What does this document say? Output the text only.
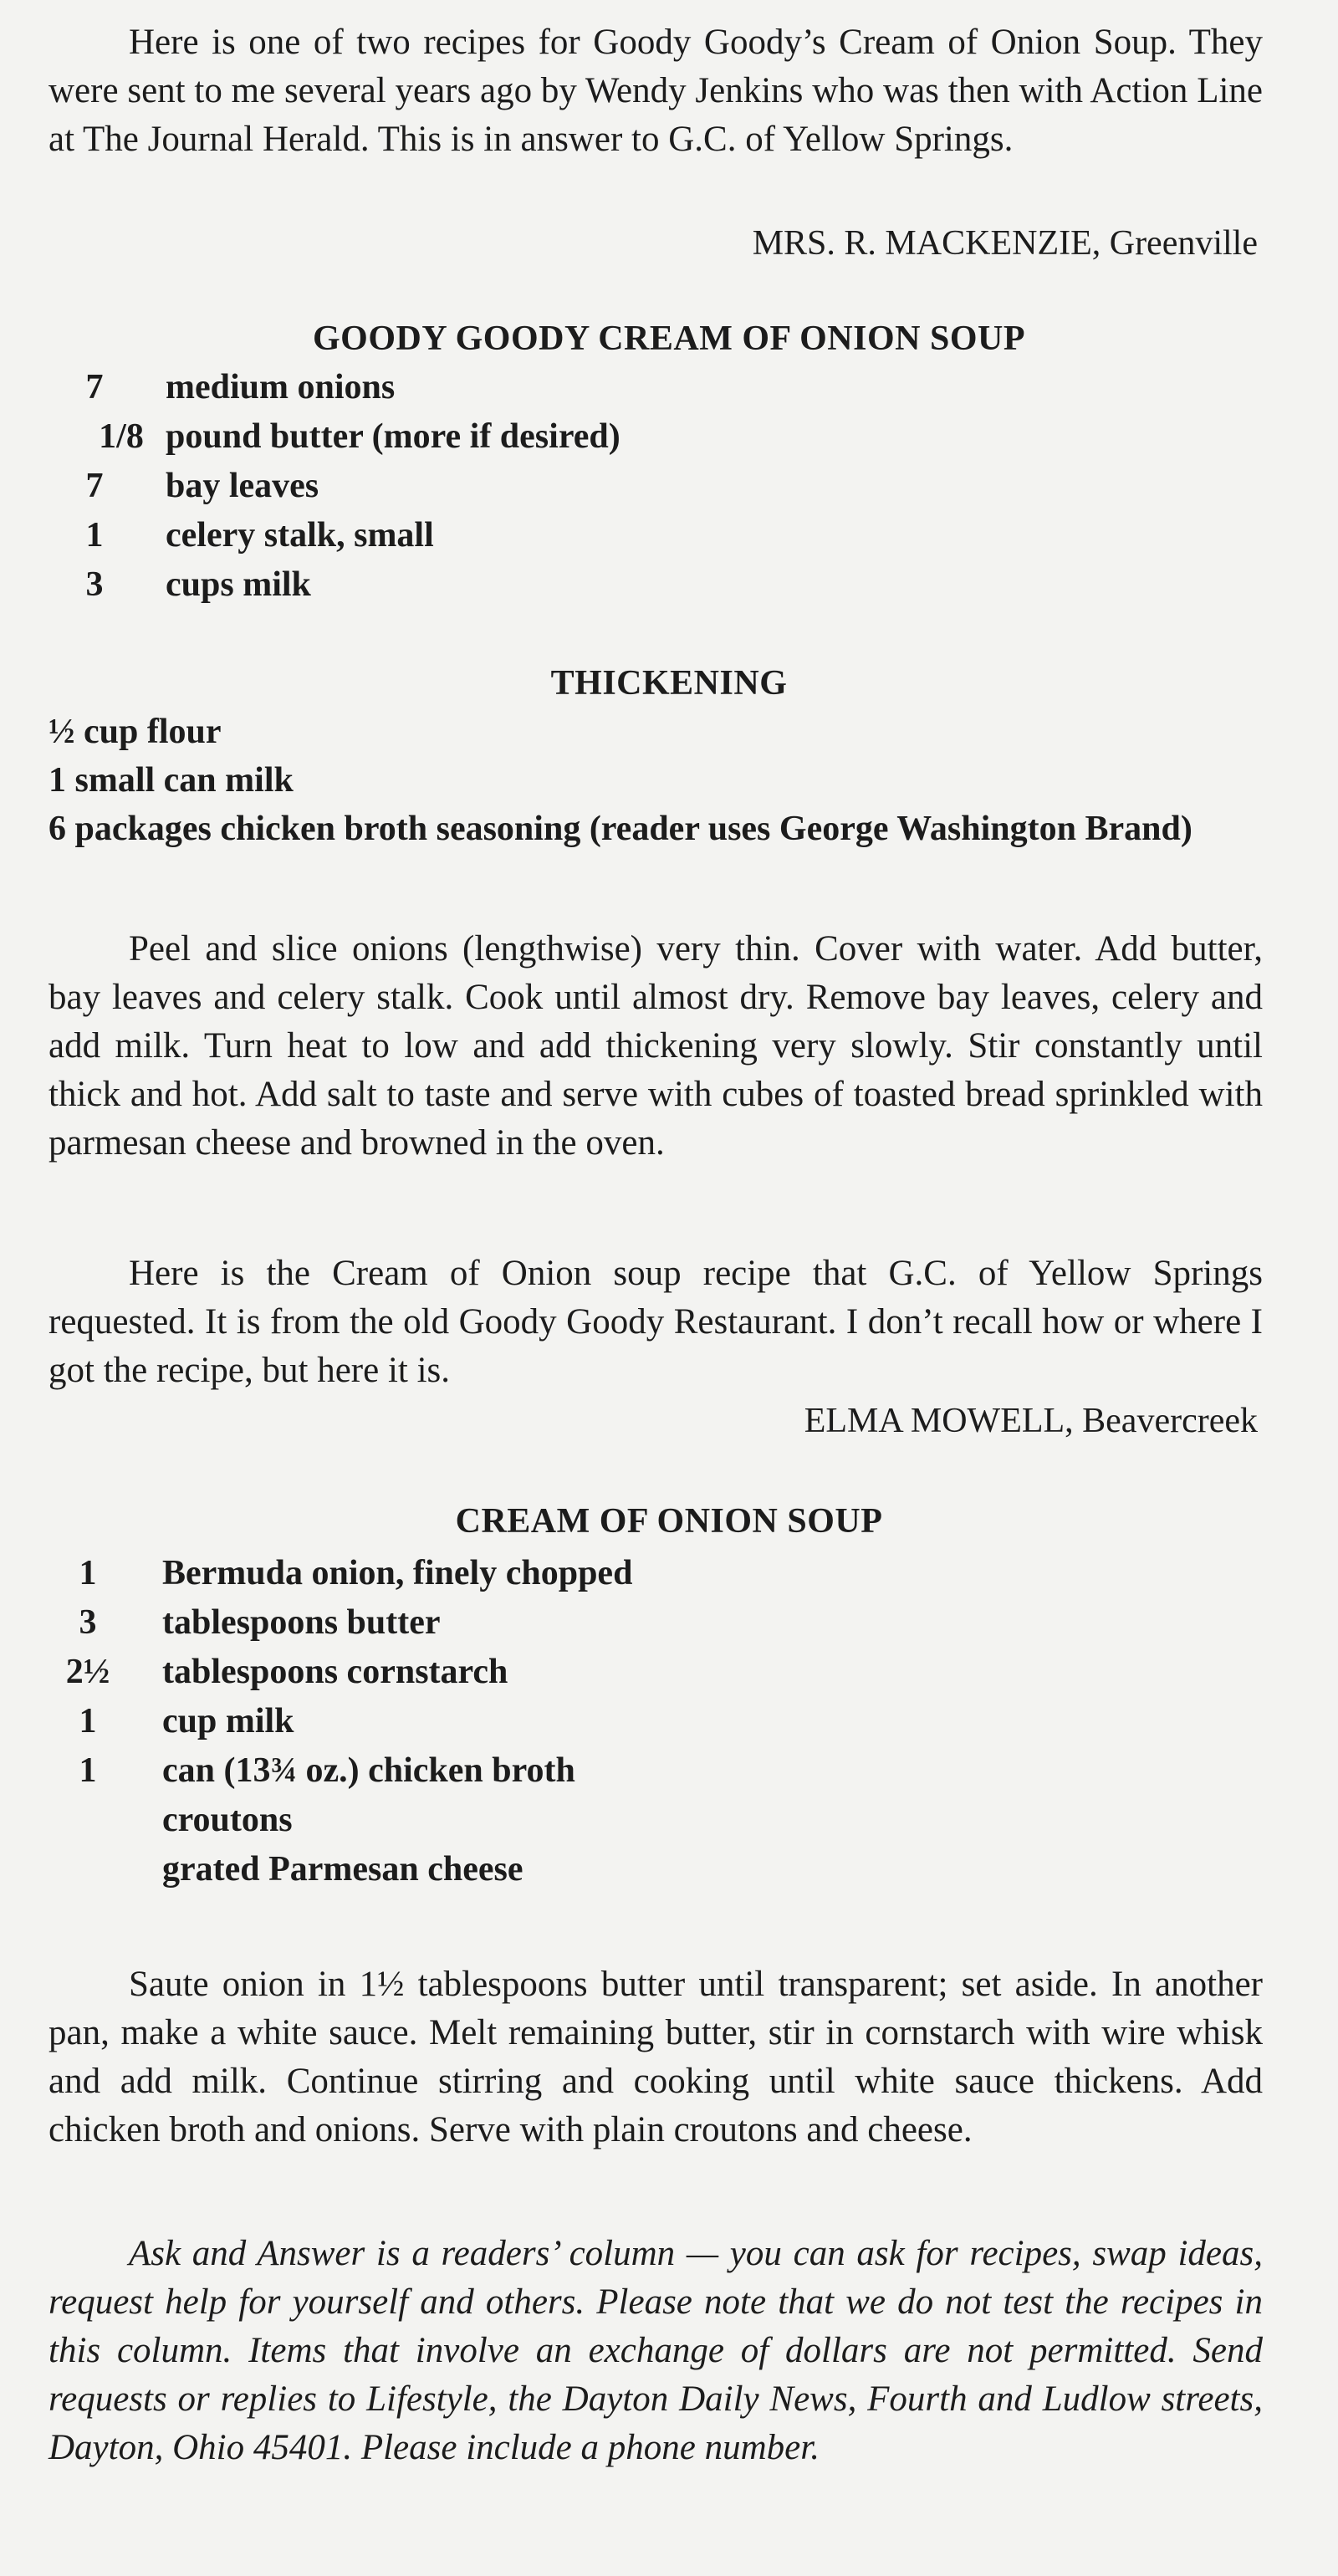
Here is one of two recipes for Goody Goody’s Cream of Onion Soup. They were sent to me several years ago by Wendy Jenkins who was then with Action Line at The Journal Herald. This is in answer to G.C. of Yellow Springs.

MRS. R. MACKENZIE, Greenville
GOODY GOODY CREAM OF ONION SOUP
7	medium onions
1/8 pound butter (more if desired)
7	bay leaves
1	celery stalk, small
3	cups milk
THICKENING

½ cup flour

1 small can milk

6 packages chicken broth seasoning (reader uses George Washington Brand)

Peel and slice onions (lengthwise) very thin. Cover with water. Add butter, bay leaves and celery stalk. Cook until almost dry. Remove bay leaves, celery and add milk. Turn heat to low and add thickening very slowly. Stir constantly until thick and hot. Add salt to taste and serve with cubes of toasted bread sprinkled with parmesan cheese and browned in the oven.

Here is the Cream of Onion soup recipe that G.C. of Yellow Springs requested. It is from the old Goody Goody Restaurant. I don’t recall how or where I got the recipe, but here it is.

ELMA MOWELL, Beavercreek
CREAM OF ONION SOUP
1	Bermuda onion, finely chopped
3	tablespoons butter
2½	tablespoons cornstarch
1	cup milk
1	can (13¾ oz.) chicken broth
croutons
grated Parmesan cheese

Saute onion in 1½ tablespoons butter until transparent; set aside. In another pan, make a white sauce. Melt remaining butter, stir in cornstarch with wire whisk and add milk. Continue stirring and cooking until white sauce thickens. Add chicken broth and onions. Serve with plain croutons and cheese.

Ask and Answer is a readers’ column — you can ask for recipes, swap ideas, request help for yourself and others. Please note that we do not test the recipes in this column. Items that involve an exchange of dollars are not permitted. Send requests or replies to Lifestyle, the Dayton Daily News, Fourth and Ludlow streets, Dayton, Ohio 45401. Please include a phone number.
